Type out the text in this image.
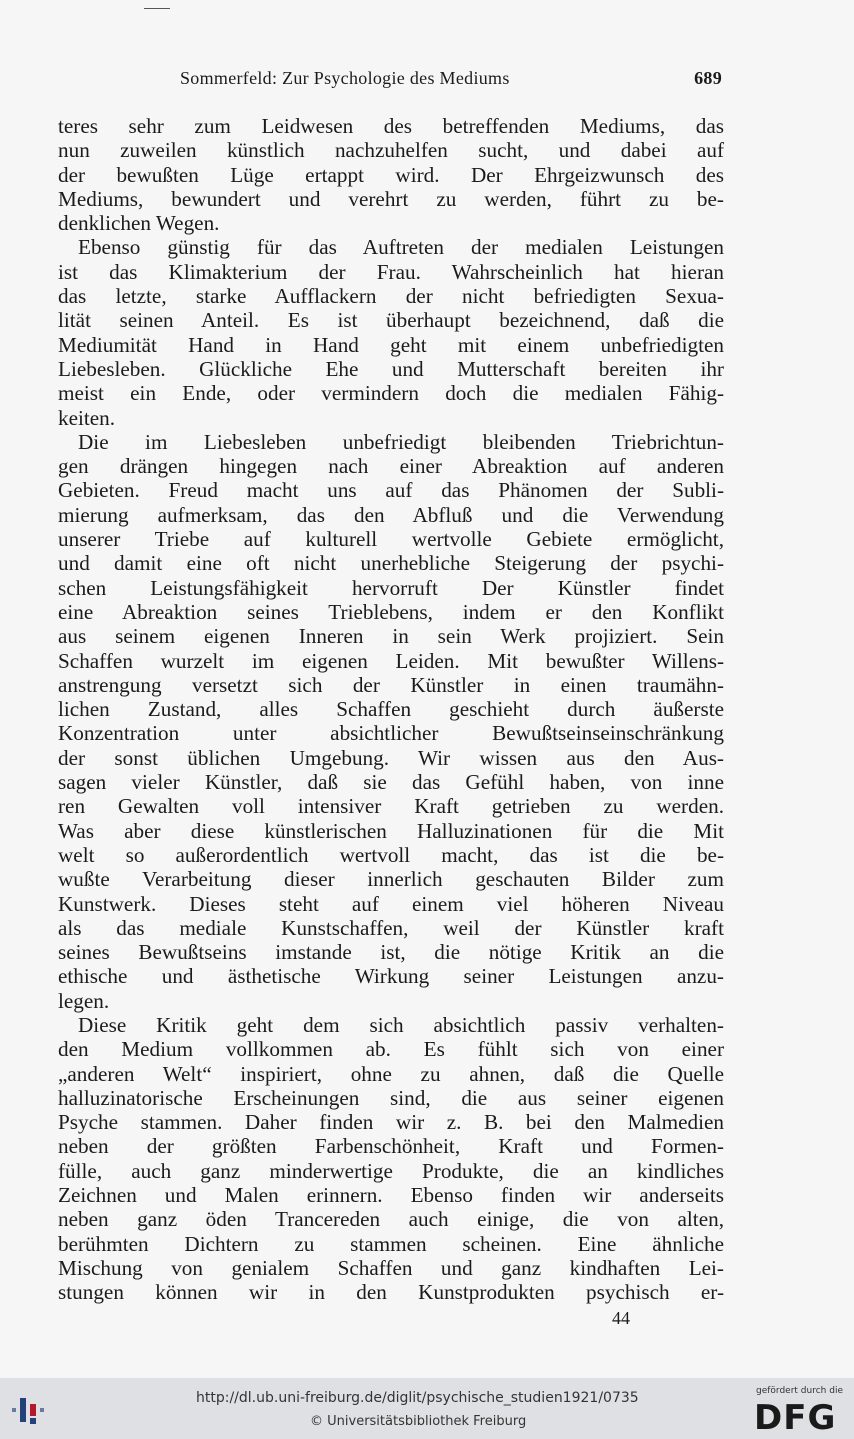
Sommerfeld: Zur Psychologie des Mediums	689
teres sehr zum Leidwesen des betreffenden Mediums, das
nun zuweilen künstlich nachzuhelfen sucht, und dabei auf
der bewußten Lüge ertappt wird. Der Ehrgeizwunsch des
Mediums, bewundert und verehrt zu werden, führt zu be-
denklichen Wegen.
Ebenso günstig für das Auftreten der medialen Leistungen
ist das Klimakterium der Frau. Wahrscheinlich hat hieran
das letzte, starke Aufflackern der nicht befriedigten Sexua-
lität seinen Anteil. Es ist überhaupt bezeichnend, daß die
Mediumität Hand in Hand geht mit einem unbefriedigten
Liebesleben. Glückliche Ehe und Mutterschaft bereiten ihr
meist ein Ende, oder vermindern doch die medialen Fähig-
keiten.
Die im Liebesleben unbefriedigt bleibenden Triebrichtun-
gen drängen hingegen nach einer Abreaktion auf anderen
Gebieten. Freud macht uns auf das Phänomen der Subli-
mierung aufmerksam, das den Abfluß und die Verwendung
unserer Triebe auf kulturell wertvolle Gebiete ermöglicht,
und damit eine oft nicht unerhebliche Steigerung der psychi-
schen Leistungsfähigkeit hervorruft Der Künstler findet
eine Abreaktion seines Trieblebens, indem er den Konflikt
aus seinem eigenen Inneren in sein Werk projiziert. Sein
Schaffen wurzelt im eigenen Leiden. Mit bewußter Willens-
anstrengung versetzt sich der Künstler in einen traumähn-
lichen Zustand, alles Schaffen geschieht durch äußerste
Konzentration unter absichtlicher Bewußtseinseinschränkung
der sonst üblichen Umgebung. Wir wissen aus den Aus-
sagen vieler Künstler, daß sie das Gefühl haben, von inne
ren Gewalten voll intensiver Kraft getrieben zu werden.
Was aber diese künstlerischen Halluzinationen für die Mit
welt so außerordentlich wertvoll macht, das ist die be-
wußte Verarbeitung dieser innerlich geschauten Bilder zum
Kunstwerk. Dieses steht auf einem viel höheren Niveau
als das mediale Kunstschaffen, weil der Künstler kraft
seines Bewußtseins imstande ist, die nötige Kritik an die
ethische und ästhetische Wirkung seiner Leistungen anzu-
legen.
Diese Kritik geht dem sich absichtlich passiv verhalten-
den Medium vollkommen ab. Es fühlt sich von einer
„anderen Welt“ inspiriert, ohne zu ahnen, daß die Quelle
halluzinatorische Erscheinungen sind, die aus seiner eigenen
Psyche stammen. Daher finden wir z. B. bei den Malmedien
neben der größten Farbenschönheit, Kraft und Formen-
fülle, auch ganz minderwertige Produkte, die an kindliches
Zeichnen und Malen erinnern. Ebenso finden wir anderseits
neben ganz öden Trancereden auch einige, die von alten,
berühmten Dichtern zu stammen scheinen. Eine ähnliche
Mischung von genialem Schaffen und ganz kindhaften Lei-
stungen können wir in den Kunstprodukten psychisch er-
44
http://dl.ub.uni-freiburg.de/diglit/psychische_studien1921/0735
© Universitätsbibliothek Freiburg
gefördert durch die
DFG
